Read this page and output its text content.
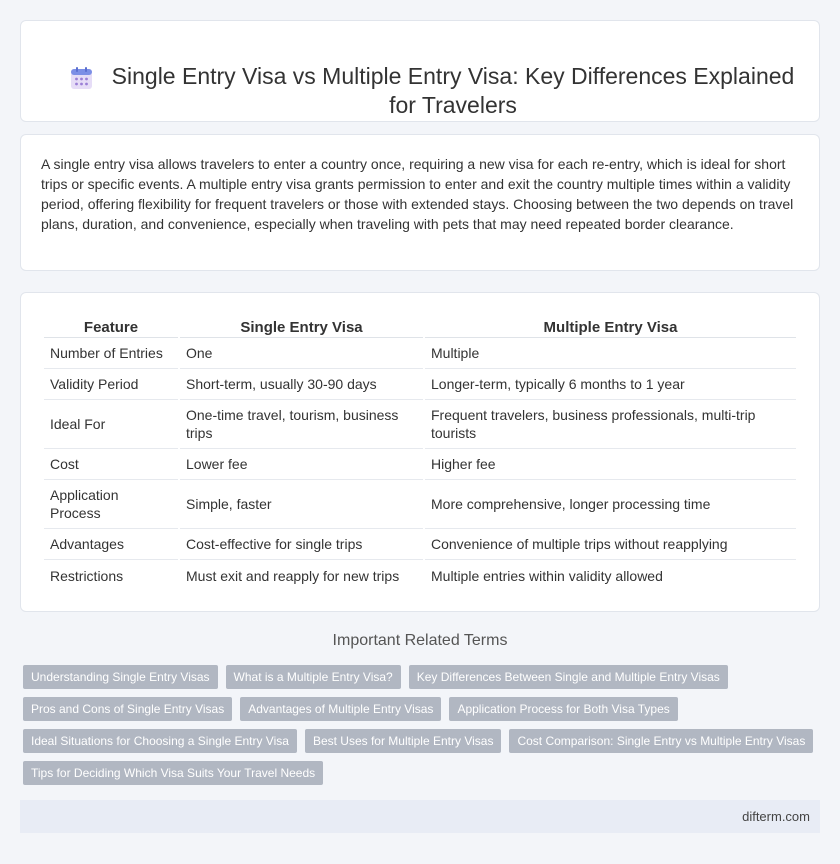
Single Entry Visa vs Multiple Entry Visa: Key Differences Explained for Travelers

A single entry visa allows travelers to enter a country once, requiring a new visa for each re-entry, which is ideal for short trips or specific events. A multiple entry visa grants permission to enter and exit the country multiple times within a validity period, offering flexibility for frequent travelers or those with extended stays. Choosing between the two depends on travel plans, duration, and convenience, especially when traveling with pets that may need repeated border clearance.

Feature	Single Entry Visa	Multiple Entry Visa
Number of Entries	One	Multiple
Validity Period	Short-term, usually 30-90 days	Longer-term, typically 6 months to 1 year
Ideal For	One-time travel, tourism, business trips	Frequent travelers, business professionals, multi-trip tourists
Cost	Lower fee	Higher fee
Application Process	Simple, faster	More comprehensive, longer processing time
Advantages	Cost-effective for single trips	Convenience of multiple trips without reapplying
Restrictions	Must exit and reapply for new trips	Multiple entries within validity allowed
Important Related Terms
Understanding Single Entry Visas	What is a Multiple Entry Visa?	Key Differences Between Single and Multiple Entry Visas
Pros and Cons of Single Entry Visas	Advantages of Multiple Entry Visas	Application Process for Both Visa Types
Ideal Situations for Choosing a Single Entry Visa	Best Uses for Multiple Entry Visas	Cost Comparison: Single Entry vs Multiple Entry Visas
Tips for Deciding Which Visa Suits Your Travel Needs
difterm.com
